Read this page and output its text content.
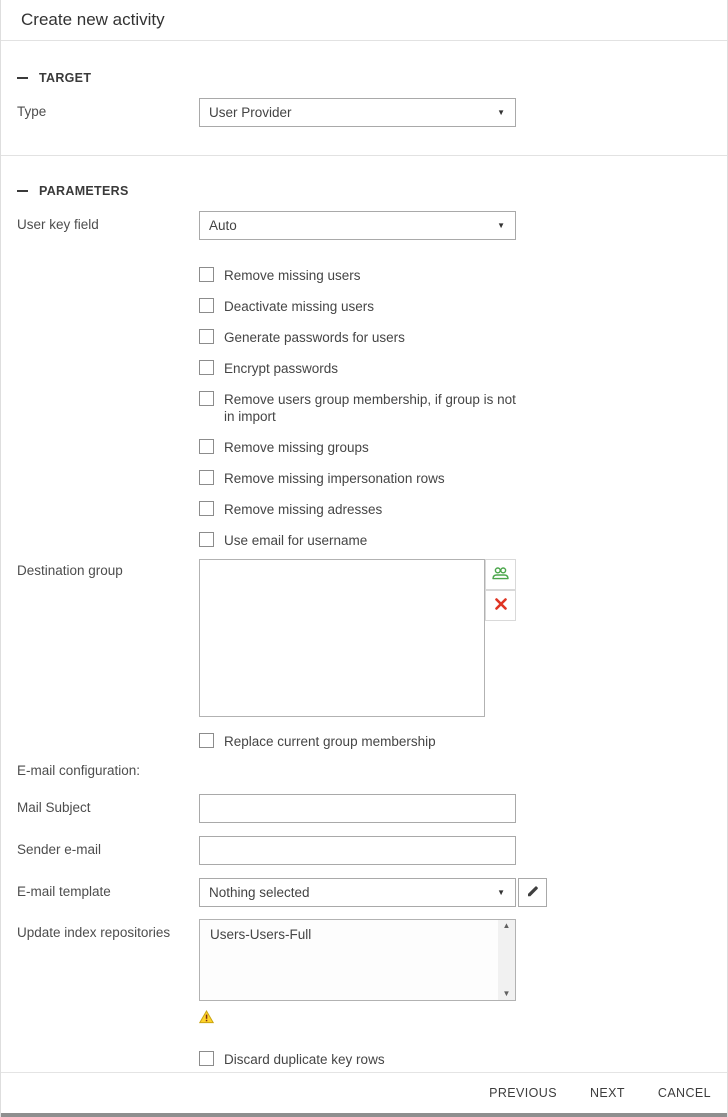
Create new activity
TARGET
Type	User Provider	▼
PARAMETERS
User key field	Auto	▼
Remove missing users
Deactivate missing users
Generate passwords for users
Encrypt passwords
Remove users group membership, if group is not in import
Remove missing groups
Remove missing impersonation rows
Remove missing adresses
Use email for username
Destination group
Replace current group membership
E-mail configuration:
Mail Subject
Sender e-mail
E-mail template	Nothing selected	▼
Update index repositories	Users-Users-Full
▲
▼
Discard duplicate key rows
PREVIOUS	NEXT	CANCEL
